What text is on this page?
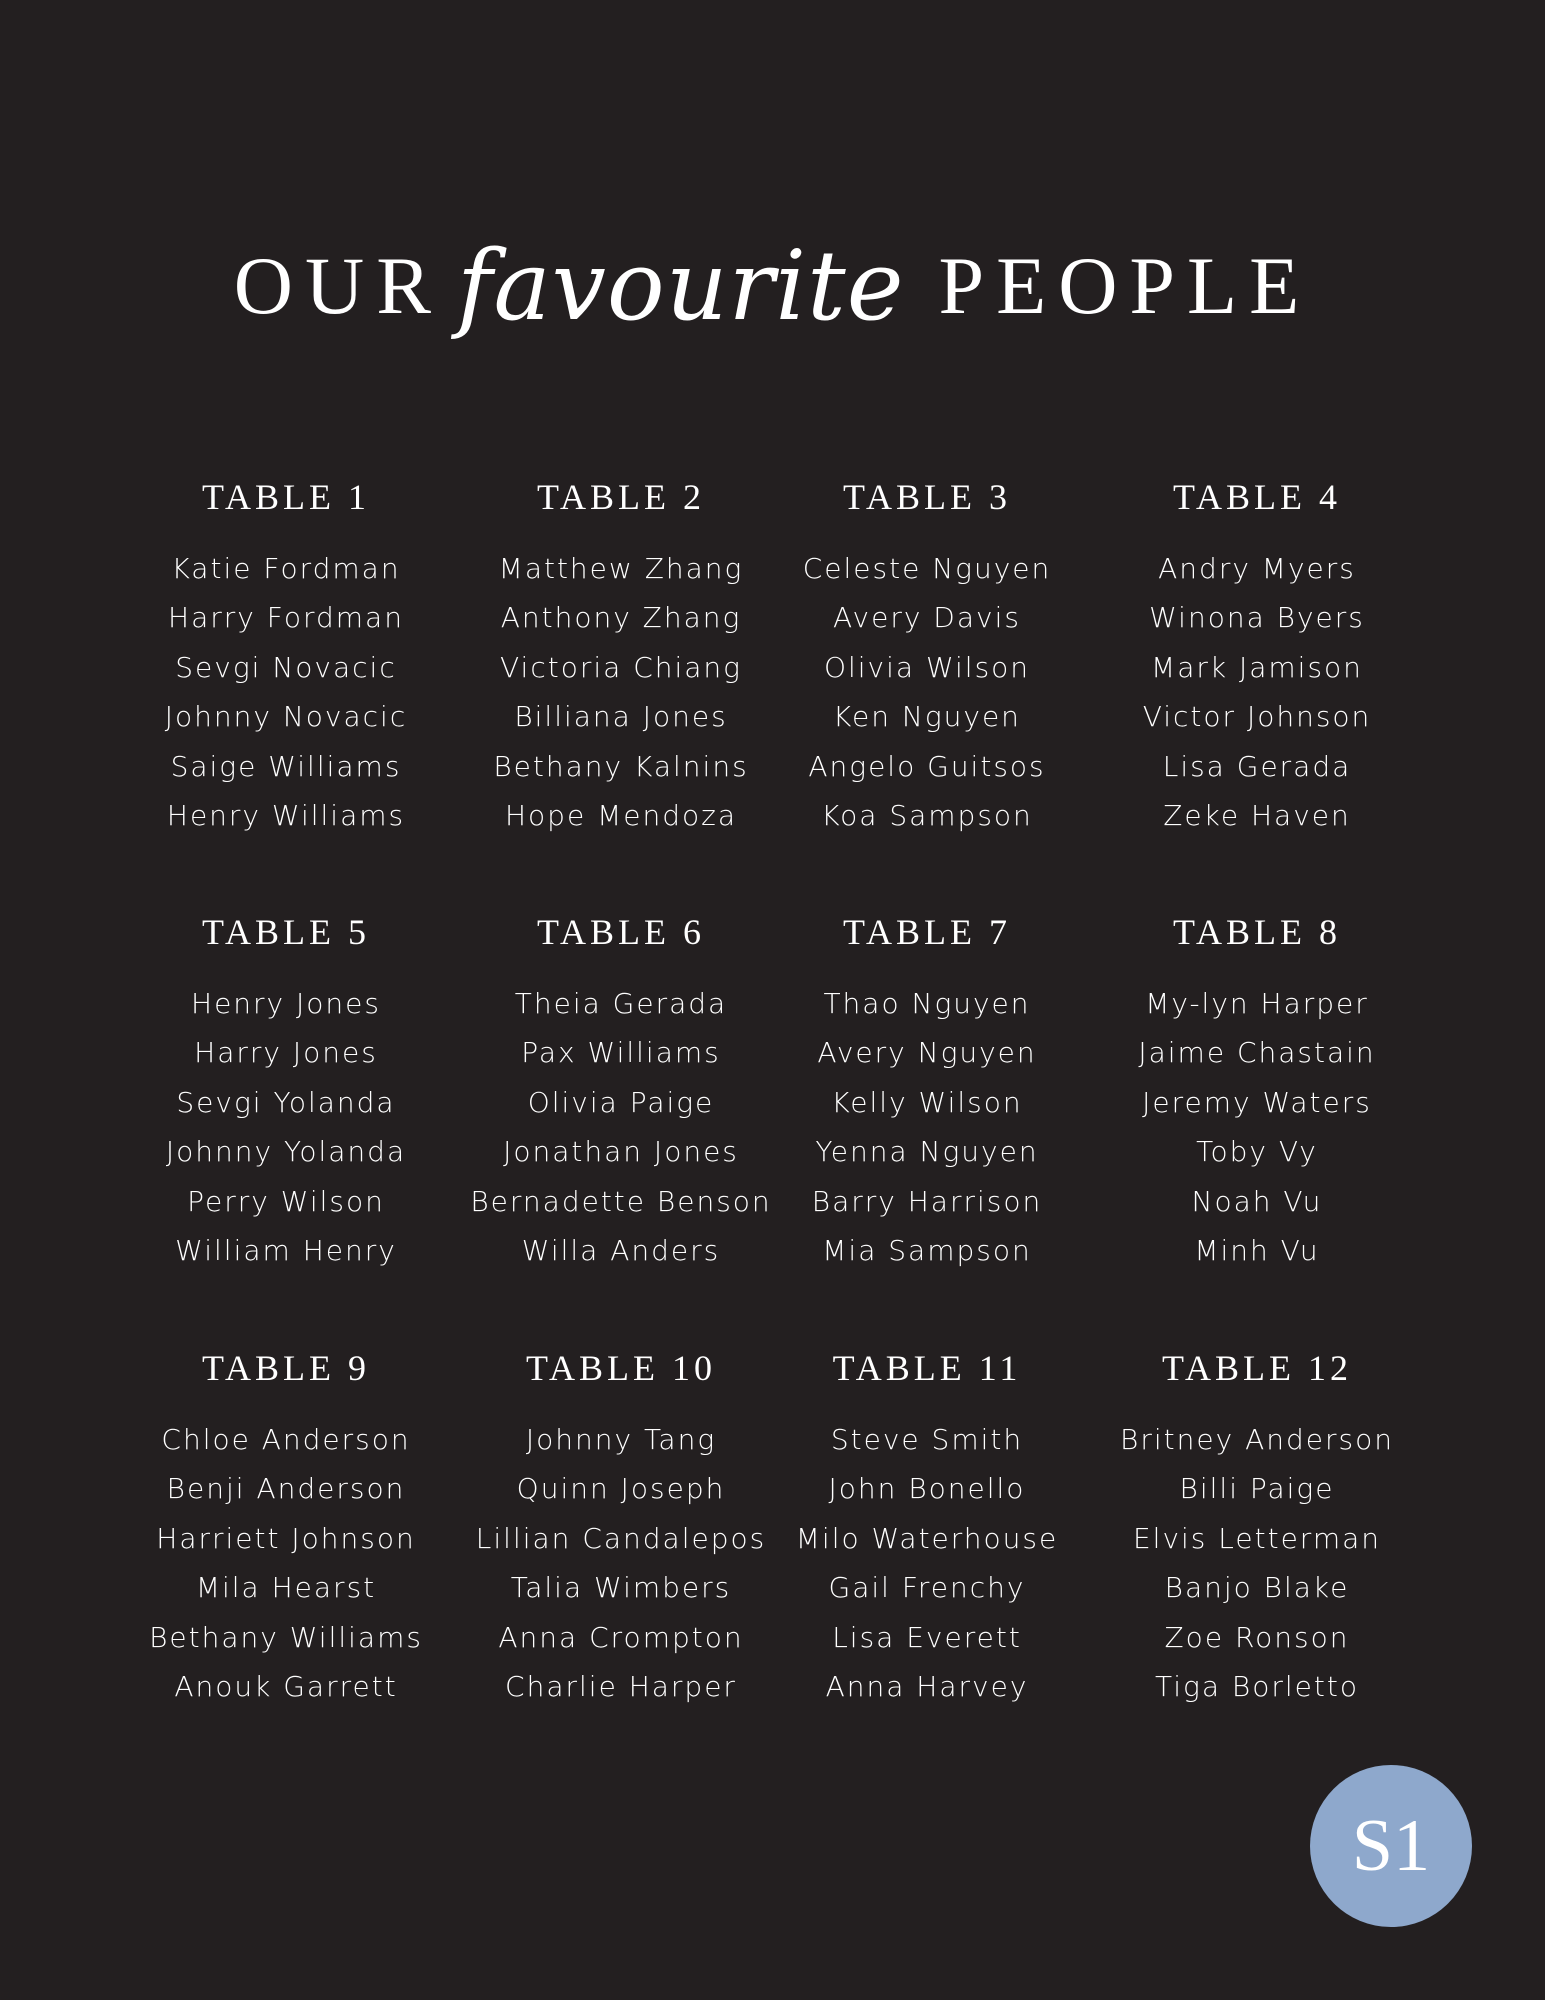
OUR favourite PEOPLE
TABLE 1
Katie Fordman
Harry Fordman
Sevgi Novacic
Johnny Novacic
Saige Williams
Henry Williams
TABLE 2
Matthew Zhang
Anthony Zhang
Victoria Chiang
Billiana Jones
Bethany Kalnins
Hope Mendoza
TABLE 3
Celeste Nguyen
Avery Davis
Olivia Wilson
Ken Nguyen
Angelo Guitsos
Koa Sampson
TABLE 4
Andry Myers
Winona Byers
Mark Jamison
Victor Johnson
Lisa Gerada
Zeke Haven
TABLE 5
Henry Jones
Harry Jones
Sevgi Yolanda
Johnny Yolanda
Perry Wilson
William Henry
TABLE 6
Theia Gerada
Pax Williams
Olivia Paige
Jonathan Jones
Bernadette Benson
Willa Anders
TABLE 7
Thao Nguyen
Avery Nguyen
Kelly Wilson
Yenna Nguyen
Barry Harrison
Mia Sampson
TABLE 8
My-lyn Harper
Jaime Chastain
Jeremy Waters
Toby Vy
Noah Vu
Minh Vu
TABLE 9
Chloe Anderson
Benji Anderson
Harriett Johnson
Mila Hearst
Bethany Williams
Anouk Garrett
TABLE 10
Johnny Tang
Quinn Joseph
Lillian Candalepos
Talia Wimbers
Anna Crompton
Charlie Harper
TABLE 11
Steve Smith
John Bonello
Milo Waterhouse
Gail Frenchy
Lisa Everett
Anna Harvey
TABLE 12
Britney Anderson
Billi Paige
Elvis Letterman
Banjo Blake
Zoe Ronson
Tiga Borletto
S1
